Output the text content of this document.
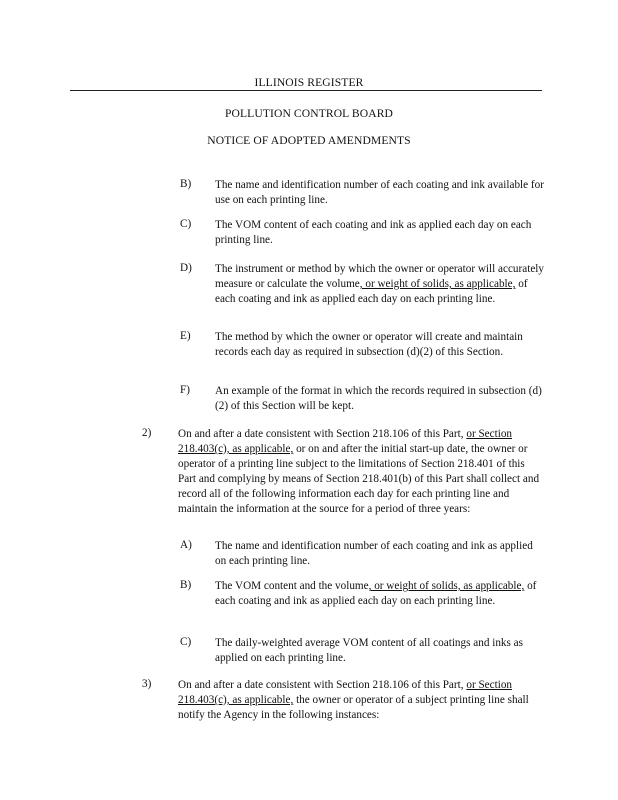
ILLINOIS REGISTER
POLLUTION CONTROL BOARD
NOTICE OF ADOPTED AMENDMENTS
B) The name and identification number of each coating and ink available for use on each printing line.
C) The VOM content of each coating and ink as applied each day on each printing line.
D) The instrument or method by which the owner or operator will accurately measure or calculate the volume, or weight of solids, as applicable, of each coating and ink as applied each day on each printing line.
E) The method by which the owner or operator will create and maintain records each day as required in subsection (d)(2) of this Section.
F) An example of the format in which the records required in subsection (d)(2) of this Section will be kept.
2) On and after a date consistent with Section 218.106 of this Part, or Section 218.403(c), as applicable, or on and after the initial start-up date, the owner or operator of a printing line subject to the limitations of Section 218.401 of this Part and complying by means of Section 218.401(b) of this Part shall collect and record all of the following information each day for each printing line and maintain the information at the source for a period of three years:
A) The name and identification number of each coating and ink as applied on each printing line.
B) The VOM content and the volume, or weight of solids, as applicable, of each coating and ink as applied each day on each printing line.
C) The daily-weighted average VOM content of all coatings and inks as applied on each printing line.
3) On and after a date consistent with Section 218.106 of this Part, or Section 218.403(c), as applicable, the owner or operator of a subject printing line shall notify the Agency in the following instances:
